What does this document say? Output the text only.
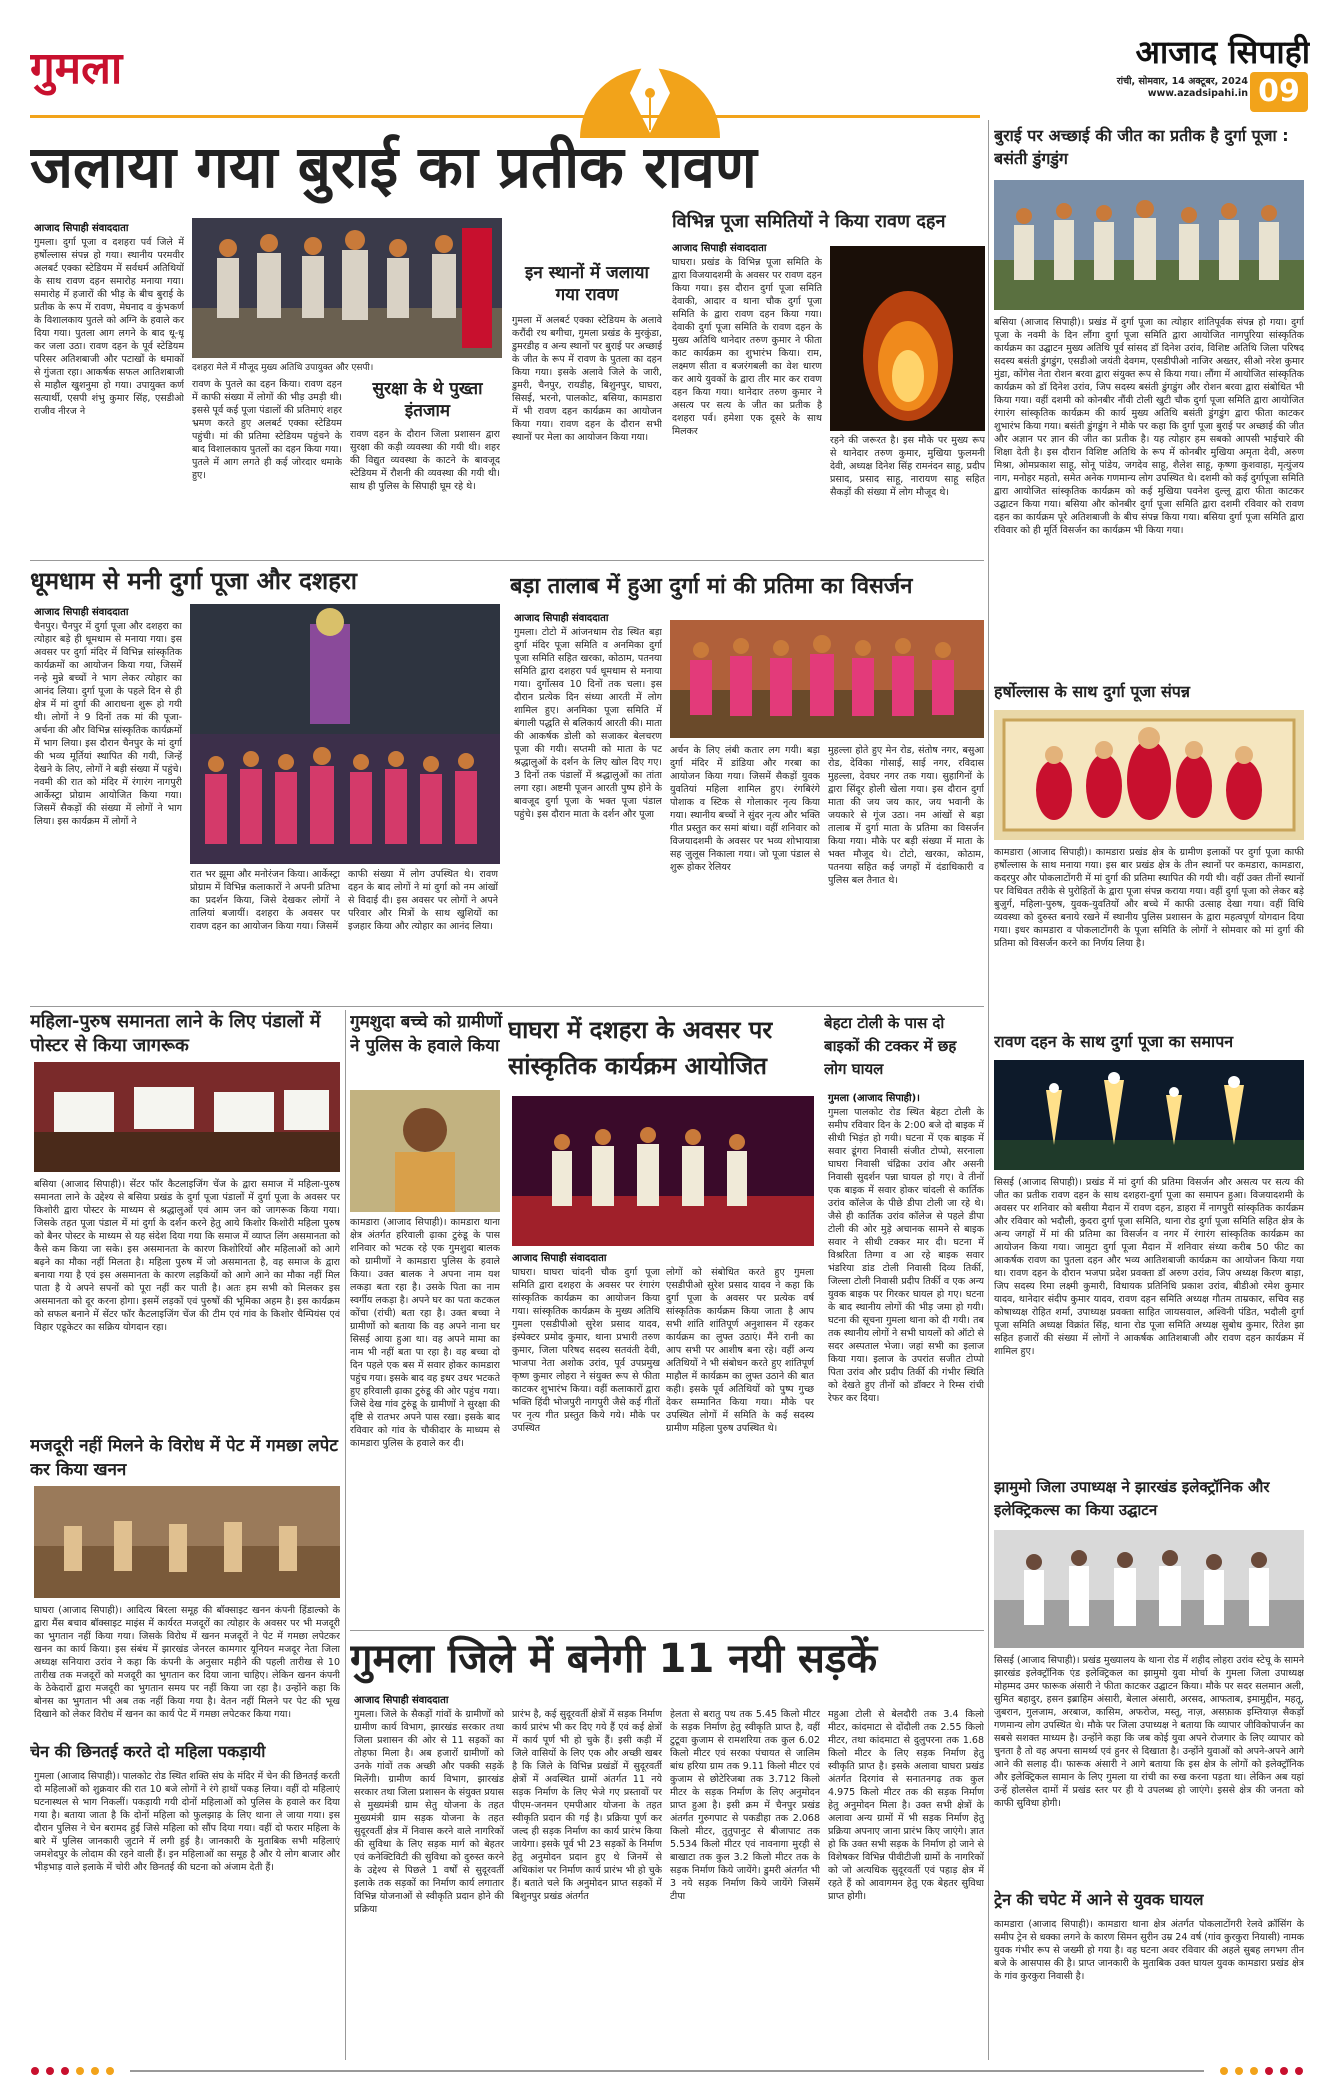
गुमला	आजाद सिपाही
रांची, सोमवार, 14 अक्टूबर, 2024
www.azadsipahi.in 09
जलाया गया बुराई का प्रतीक रावण
आजाद सिपाही संवाददाता
गुमला। दुर्गा पूजा व दशहरा पर्व जिले में हर्षोल्लास संपन्न हो गया। स्थानीय परमवीर अलबर्ट एक्का स्टेडियम में सर्वधर्म अतिथियों के साथ रावण दहन समारोह मनाया गया। समारोह में हजारों की भीड़ के बीच बुराई के प्रतीक के रूप में रावण, मेघनाद व कुंभकर्ण के विशालकाय पुतले को अग्नि के हवाले कर दिया गया। पुतला आग लगने के बाद धू-धू कर जला उठा। रावण दहन के पूर्व स्टेडियम परिसर अतिशबाजी और पटाखों के धमाकों से गुंजता रहा। आकर्षक सफल आतिशबाजी से माहौल खुशनुमा हो गया। उपायुक्त कर्ण सत्यार्थी, एसपी शंभु कुमार सिंह, एसडीओ राजीव नीरज ने
दशहरा मेले में मौजूद मुख्य अतिथि उपायुक्त और एसपी।
रावण के पुतले का दहन किया। रावण दहन में काफी संख्या में लोगों की भीड़ उमड़ी थी। इससे पूर्व कई पूजा पंडालों की प्रतिमाएं शहर भ्रमण करते हुए अलबर्ट एक्का स्टेडियम पहुंची। मां की प्रतिमा स्टेडियम पहुंचने के बाद विशालकाय पुतलों का दहन किया गया। पुतले में आग लगते ही कई जोरदार धमाके हुए।
सुरक्षा के थे पुख्ता इंतजाम
रावण दहन के दौरान जिला प्रशासन द्वारा सुरक्षा की कड़ी व्यवस्था की गयी थी। शहर की विद्युत व्यवस्था के काटने के बावजूद स्टेडियम में रौशनी की व्यवस्था की गयी थी। साथ ही पुलिस के सिपाही घूम रहे थे।
इन स्थानों में जलाया गया रावण
गुमला में अलबर्ट एक्का स्टेडियम के अलावे करौंदी रथ बगीचा, गुमला प्रखंड के मुरकुंडा, डुमरडीह व अन्य स्थानों पर बुराई पर अच्छाई के जीत के रूप में रावण के पुतला का दहन किया गया। इसके अलावे जिले के जारी, डुमरी, चैनपुर, रायडीह, बिशुनपुर, घाघरा, सिसई, भरनो, पालकोट, बसिया, कामडारा में भी रावण दहन कार्यक्रम का आयोजन किया गया। रावण दहन के दौरान सभी स्थानों पर मेला का आयोजन किया गया।
विभिन्न पूजा समितियों ने किया रावण दहन
आजाद सिपाही संवाददाता
घाघरा। प्रखंड के विभिन्न पूजा समिति के द्वारा विजयादशमी के अवसर पर रावण दहन किया गया। इस दौरान दुर्गा पूजा समिति देवाकी, आदार व थाना चौक दुर्गा पूजा समिति के द्वारा रावण दहन किया गया। देवाकी दुर्गा पूजा समिति के रावण दहन के मुख्य अतिथि थानेदार तरुण कुमार ने फीता काट कार्यक्रम का शुभारंभ किया। राम, लक्ष्मण सीता व बजरंगबली का वेश धारण कर आये युवकों के द्वारा तीर मार कर रावण दहन किया गया। थानेदार तरुण कुमार ने असत्य पर सत्य के जीत का प्रतीक है दशहरा पर्व। हमेशा एक दूसरे के साथ मिलकर
रहने की जरूरत है। इस मौके पर मुख्य रूप से थानेदार तरुण कुमार, मुखिया फुलमनी देवी, अध्यक्ष दिनेश सिंह रामनंदन साहू, प्रदीप प्रसाद, प्रसाद साहू, नारायण साहू सहित सैकड़ों की संख्या में लोग मौजूद थे।
बुराई पर अच्छाई की जीत का प्रतीक है दुर्गा पूजा : बसंती डुंगडुंग
बसिया (आजाद सिपाही)। प्रखंड में दुर्गा पूजा का त्योहार शांतिपूर्वक संपन्न हो गया। दुर्गा पूजा के नवमी के दिन लौंगा दुर्गा पूजा समिति द्वारा आयोजित नागपुरिया सांस्कृतिक कार्यक्रम का उद्घाटन मुख्य अतिथि पूर्व सांसद डॉ दिनेश उरांव, विशिष्ट अतिथि जिला परिषद सदस्य बसंती डुंगडुंग, एसडीओ जयंती देवगम, एसडीपीओ नाजिर अख्तर, सीओ नरेश कुमार मुंडा, कोंगेस नेता रोशन बरवा द्वारा संयुक्त रूप से किया गया। लौंगा में आयोजित सांस्कृतिक कार्यक्रम को डॉ दिनेश उरांव, जिप सदस्य बसंती डुंगडुंग और रोशन बरवा द्वारा संबोधित भी किया गया। वहीं दशमी को कोनबीर नौंवी टोली खुटी चौक दुर्गा पूजा समिति द्वारा आयोजित रंगारंग सांस्कृतिक कार्यक्रम की कार्य मुख्य अतिथि बसंती डुंगडुंग द्वारा फीता काटकर शुभारंभ किया गया। बसंती डुंगडुंग ने मौके पर कहा कि दुर्गा पूजा बुराई पर अच्छाई की जीत और अज्ञान पर ज्ञान की जीत का प्रतीक है। यह त्योहार हम सबको आपसी भाईचारे की शिक्षा देती है। इस दौरान विशिष्ट अतिथि के रूप में कोनबीर मुखिया अमृता देवी, अरुण मिश्रा, ओमप्रकाश साहू, सोनू पांडेय, जगदेव साहू, शैलेश साहू, कृष्णा कुशवाहा, मृत्युंजय नाग, मनोहर महतो, समेत अनेक गणमान्य लोग उपस्थित थे। दशमी को कई दुर्गापूजा समिति द्वारा आयोजित सांस्कृतिक कार्यक्रम को कई मुखिया पवनेश दुल्लू द्वारा फीता काटकर उद्घाटन किया गया। बसिया और कोनबीर दुर्गा पूजा समिति द्वारा दशमी रविवार को रावण दहन का कार्यक्रम पूरे अतिशबाजी के बीच संपन्न किया गया। बसिया दुर्गा पूजा समिति द्वारा रविवार को ही मूर्ति विसर्जन का कार्यक्रम भी किया गया।
हर्षोल्लास के साथ दुर्गा पूजा संपन्न
कामडारा (आजाद सिपाही)। कामडारा प्रखंड क्षेत्र के ग्रामीण इलाकों पर दुर्गा पूजा काफी हर्षोल्लास के साथ मनाया गया। इस बार प्रखंड क्षेत्र के तीन स्थानों पर कमडारा, कामडारा, कदरपुर और पोकलाटोंगरी में मां दुर्गा की प्रतिमा स्थापित की गयी थी। वहीं उक्त तीनों स्थानों पर विधिवत तरीके से पुरोहितों के द्वारा पूजा संपन्न कराया गया। वहीं दुर्गा पूजा को लेकर बड़े बुजुर्ग, महिला-पुरुष, युवक-युवतियों और बच्चे में काफी उत्साह देखा गया। वहीं विधि व्यवस्था को दुरुस्त बनाये रखने में स्थानीय पुलिस प्रशासन के द्वारा महत्वपूर्ण योगदान दिया गया। इधर कामडारा व पोकलाटोंगरी के पूजा समिति के लोगों ने सोमवार को मां दुर्गा की प्रतिमा को विसर्जन करने का निर्णय लिया है।
धूमधाम से मनी दुर्गा पूजा और दशहरा
आजाद सिपाही संवाददाता
चैनपुर। चैनपुर में दुर्गा पूजा और दशहरा का त्योहार बड़े ही धूमधाम से मनाया गया। इस अवसर पर दुर्गा मंदिर में विभिन्न सांस्कृतिक कार्यक्रमों का आयोजन किया गया, जिसमें नन्हे मुन्ने बच्चों ने भाग लेकर त्योहार का आनंद लिया। दुर्गा पूजा के पहले दिन से ही क्षेत्र में मां दुर्गा की आराधना शुरू हो गयी थी। लोगों ने 9 दिनों तक मां की पूजा-अर्चना की और विभिन्न सांस्कृतिक कार्यक्रमों में भाग लिया। इस दौरान चैनपुर के मां दुर्गा की भव्य मूर्तियां स्थापित की गयी, जिन्हें देखने के लिए, लोगों ने बड़ी संख्या में पहुंचे। नवमी की रात को मंदिर में रंगारंग नागपुरी आर्केस्ट्रा प्रोग्राम आयोजित किया गया। जिसमें सैकड़ों की संख्या में लोगों ने भाग लिया। इस कार्यक्रम में लोगों ने
रात भर झूमा और मनोरंजन किया। आर्केस्ट्रा प्रोग्राम में विभिन्न कलाकारों ने अपनी प्रतिभा का प्रदर्शन किया, जिसे देखकर लोगों ने तालियां बजायीं। दशहरा के अवसर पर रावण दहन का आयोजन किया गया। जिसमें
काफी संख्या में लोग उपस्थित थे। रावण दहन के बाद लोगों ने मां दुर्गा को नम आंखों से विदाई दी। इस अवसर पर लोगों ने अपने परिवार और मित्रों के साथ खुशियों का इजहार किया और त्योहार का आनंद लिया।
बड़ा तालाब में हुआ दुर्गा मां की प्रतिमा का विसर्जन
आजाद सिपाही संवाददाता
गुमला। टोटो में आंजनधाम रोड स्थित बड़ा दुर्गा मंदिर पूजा समिति व अनमिका दुर्गा पूजा समिति सहित खरका, कोठाम, पतनया समिति द्वारा दशहरा पर्व धूमधाम से मनाया गया। दुर्गोत्सव 10 दिनों तक चला। इस दौरान प्रत्येक दिन संध्या आरती में लोग शामिल हुए। अनमिका पूजा समिति में बंगाली पद्धति से बलिकार्य आरती की। माता की आकर्षक डोली को सजाकर बेलचरण पूजा की गयी। सप्तमी को माता के पट श्रद्धालुओं के दर्शन के लिए खोल दिए गए। 3 दिनों तक पंडालों में श्रद्धालुओं का तांता लगा रहा। अष्टमी पूजन आरती पुष्प होने के बावजूद दुर्गा पूजा के भक्त पूजा पंडाल पहुंचे। इस दौरान माता के दर्शन और पूजा
अर्चन के लिए लंबी कतार लग गयी। बड़ा दुर्गा मंदिर में डांडिया और गरबा का आयोजन किया गया। जिसमें सैकड़ों युवक युवतियां महिला शामिल हुए। रंगबिरंगे पोशाक व स्टिक से गोलाकार नृत्य किया गया। स्थानीय बच्चों ने सुंदर नृत्य और भक्ति गीत प्रस्तुत कर समां बांधा। वहीं शनिवार को विजयादशमी के अवसर पर भव्य शोभायात्रा सह जुलूस निकाला गया। जो पूजा पंडाल से शुरू होकर रेलियर
मुहल्ला होते हुए मेन रोड, संतोष नगर, बसुआ रोड, देविका गोसाई, साई नगर, रविदास मुहल्ला, देवघर नगर तक गया। सुहागिनों के द्वारा सिंदूर होली खेला गया। इस दौरान दुर्गा माता की जय जय कार, जय भवानी के जयकारे से गूंज उठा। नम आंखों से बड़ा तालाब में दुर्गा माता के प्रतिमा का विसर्जन किया गया। मौके पर बड़ी संख्या में माता के भक्त मौजूद थे। टोटो, खरका, कोठाम, पतनया सहित कई जगहों में दंडाधिकारी व पुलिस बल तैनात थे।
रावण दहन के साथ दुर्गा पूजा का समापन
सिसई (आजाद सिपाही)। प्रखंड में मां दुर्गा की प्रतिमा विसर्जन और असत्य पर सत्य की जीत का प्रतीक रावण दहन के साथ दशहरा-दुर्गा पूजा का समापन हुआ। विजयादशमी के अवसर पर शनिवार को बसीया मैदान में रावण दहन, डाहरा में नागपुरी सांस्कृतिक कार्यक्रम और रविवार को भदौली, कुदरा दुर्गा पूजा समिति, थाना रोड दुर्गा पूजा समिति सहित क्षेत्र के अन्य जगहों में मां की प्रतिमा का विसर्जन व नगर में रंगारंग सांस्कृतिक कार्यक्रम का आयोजन किया गया। जामुटा दुर्गा पूजा मैदान में शनिवार संध्या करीब 50 फीट का आकर्षक रावण का पुतला दहन और भव्य आतिशबाजी कार्यक्रम का आयोजन किया गया था। रावण दहन के दौरान भजपा प्रदेश प्रवक्ता डॉ अरुण उरांव, जिप अध्यक्ष किरण बाड़ा, जिप सदस्य रिमा लक्ष्मी कुमारी, विधायक प्रतिनिधि प्रकाश उरांव, बीडीओ रमेश कुमार यादव, थानेदार संदीप कुमार यादव, रावण दहन समिति अध्यक्ष गौतम ताम्रकार, सचिव सह कोषाध्यक्ष रोहित शर्मा, उपाध्यक्ष प्रवक्ता साहित जायसवाल, अश्विनी पंडित, भदौली दुर्गा पूजा समिति अध्यक्ष विक्रांत सिंह, थाना रोड पूजा समिति अध्यक्ष सुबोध कुमार, रितेश झा सहित हजारों की संख्या में लोगों ने आकर्षक आतिशबाजी और रावण दहन कार्यक्रम में शामिल हुए।
महिला-पुरुष समानता लाने के लिए पंडालों में पोस्टर से किया जागरूक
बसिया (आजाद सिपाही)। सेंटर फॉर कैटलाइजिंग चेंज के द्वारा समाज में महिला-पुरुष समानता लाने के उद्देश्य से बसिया प्रखंड के दुर्गा पूजा पंडालों में दुर्गा पूजा के अवसर पर किशोरी द्वारा पोस्टर के माध्यम से श्रद्धालुओं एवं आम जन को जागरूक किया गया। जिसके तहत पूजा पंडाल में मां दुर्गा के दर्शन करने हेतु आये किशोर किशोरी महिला पुरुष को बैनर पोस्टर के माध्यम से यह संदेश दिया गया कि समाज में व्याप्त लिंग असमानता को कैसे कम किया जा सके। इस असमानता के कारण किशोरियों और महिलाओं को आगे बढ़ने का मौका नहीं मिलता है। महिला पुरुष में जो असमानता है, वह समाज के द्वारा बनाया गया है एवं इस असमानता के कारण लड़कियों को आगे आने का मौका नहीं मिल पाता है ये अपने सपनों को पूरा नहीं कर पाती है। अतः हम सभी को मिलकर इस असमानता को दूर करना होगा। इसमें लड़कों एवं पुरुषों की भूमिका अहम है। इस कार्यक्रम को सफल बनाने में सेंटर फॉर कैटलाइजिंग चेंज की टीम एवं गांव के किशोर चैम्पियंस एवं विहार एडूकेटर का सक्रिय योगदान रहा।
गुमशुदा बच्चे को ग्रामीणों ने पुलिस के हवाले किया
कामडारा (आजाद सिपाही)। कामडारा थाना क्षेत्र अंतर्गत हरिवाली ढ़ाका टुरुंडू के पास शनिवार को भटक रहे एक गुमशुदा बालक को ग्रामीणों ने कामडारा पुलिस के हवाले किया। उक्त बालक ने अपना नाम यश लकड़ा बता रहा है। उसके पिता का नाम स्वर्गीय लकड़ा है। अपने घर का पता कटकल कोंचा (रांची) बता रहा है। उक्त बच्चा ने ग्रामीणों को बताया कि वह अपने नाना घर सिसई आया हुआ था। वह अपने मामा का नाम भी नहीं बता पा रहा है। वह बच्चा दो दिन पहले एक बस में सवार होकर कामडारा पहुंच गया। इसके बाद वह इधर उधर भटकते हुए हरिवाली ढ़ाका टुरुंडू की ओर पहुंच गया। जिसे देख गांव टुरुंडू के ग्रामीणों ने सुरक्षा की दृष्टि से रातभर अपने पास रखा। इसके बाद रविवार को गांव के चौकीदार के माध्यम से कामडारा पुलिस के हवाले कर दी।
घाघरा में दशहरा के अवसर पर सांस्कृतिक कार्यक्रम आयोजित
आजाद सिपाही संवाददाता
घाघरा। घाघरा चांदनी चौक दुर्गा पूजा समिति द्वारा दशहरा के अवसर पर रंगारंग सांस्कृतिक कार्यक्रम का आयोजन किया गया। सांस्कृतिक कार्यक्रम के मुख्य अतिथि गुमला एसडीपीओ सुरेश प्रसाद यादव, इंस्पेक्टर प्रमोद कुमार, थाना प्रभारी तरुण कुमार, जिला परिषद सदस्य सतवंती देवी, भाजपा नेता अशोक उरांव, पूर्व उपप्रमुख कृष्ण कुमार लोहरा ने संयुक्त रूप से फीता काटकर शुभारंभ किया। वहीं कलाकारों द्वारा भक्ति हिंदी भोजपुरी नागपुरी जैसे कई गीतों पर नृत्य गीत प्रस्तुत किये गये। मौके पर उपस्थित
लोगों को संबोधित करते हुए गुमला एसडीपीओ सुरेश प्रसाद यादव ने कहा कि दुर्गा पूजा के अवसर पर प्रत्येक वर्ष सांस्कृतिक कार्यक्रम किया जाता है आप सभी शांति शांतिपूर्ण अनुशासन में रहकर कार्यक्रम का लुफ्त उठाएं। मैंने रानी का आप सभी पर आशीष बना रहे। वहीं अन्य अतिथियों ने भी संबोधन करते हुए शांतिपूर्ण माहौल में कार्यक्रम का लुफ्त उठाने की बात कही। इसके पूर्व अतिथियों को पुष्प गुच्छ देकर सम्मानित किया गया। मौके पर उपस्थित लोगों में समिति के कई सदस्य ग्रामीण महिला पुरुष उपस्थित थे।
बेहटा टोली के पास दो बाइकों की टक्कर में छह लोग घायल
गुमला (आजाद सिपाही)।
गुमला पालकोट रोड स्थित बेहटा टोली के समीप रविवार दिन के 2:00 बजे दो बाइक में सीधी भिड़ंत हो गयी। घटना में एक बाइक में सवार डूंगरा निवासी संजीत टोप्पो, सरनाला घाघरा निवासी चंद्रिका उरांव और असनी निवासी सुदर्शन पन्ना घायल हो गए। वे तीनों एक बाइक में सवार होकर चांदली से कार्तिक उरांव कॉलेज के पीछे डीपा टोली जा रहे थे। जैसे ही कार्तिक उरांव कॉलेज से पहले डीपा टोली की ओर मुड़े अचानक सामने से बाइक सवार ने सीधी टक्कर मार दी। घटना में विश्ररिता तिग्गा व आ रहे बाइक सवार भंडरिया डांड टोली निवासी दिव्य तिर्की, जिल्ला टोली निवासी प्रदीप तिर्की व एक अन्य युवक बाइक पर गिरकर घायल हो गए। घटना के बाद स्थानीय लोगों की भीड़ जमा हो गयी। घटना की सूचना गुमला थाना को दी गयी। तब तक स्थानीय लोगों ने सभी घायलों को ऑटो से सदर अस्पताल भेजा। जहां सभी का इलाज किया गया। इलाज के उपरांत सजीत टोप्पो पिता उरांव और प्रदीप तिर्की की गंभीर स्थिति को देखते हुए तीनों को डॉक्टर ने रिम्स रांची रेफर कर दिया।
मजदूरी नहीं मिलने के विरोध में पेट में गमछा लपेट कर किया खनन
घाघरा (आजाद सिपाही)। आदित्य बिरला समूह की बॉक्साइट खनन कंपनी हिंडाल्को के द्वारा मैंस बचाव बॉक्साइट माइंस में कार्यरत मजदूरों का त्योहार के अवसर पर भी मजदूरी का भुगतान नहीं किया गया। जिसके विरोध में खनन मजदूरों ने पेट में गमछा लपेटकर खनन का कार्य किया। इस संबंध में झारखंड जेनरल कामगार यूनियन मजदूर नेता जिला अध्यक्ष सनियारा उरांव ने कहा कि कंपनी के अनुसार महीने की पहली तारीख से 10 तारीख तक मजदूरों को मजदूरी का भुगतान कर दिया जाना चाहिए। लेकिन खनन कंपनी के ठेकेदारों द्वारा मजदूरी का भुगतान समय पर नहीं किया जा रहा है। उन्होंने कहा कि बोनस का भुगतान भी अब तक नहीं किया गया है। वेतन नहीं मिलने पर पेट की भूख दिखाने को लेकर विरोध में खनन का कार्य पेट में गमछा लपेटकर किया गया।
झामुमो जिला उपाध्यक्ष ने झारखंड इलेक्ट्रॉनिक और इलेक्ट्रिकल्स का किया उद्घाटन
सिसई (आजाद सिपाही)। प्रखंड मुख्यालय के थाना रोड में शहीद लोहरा उरांव स्टेचू के सामने झारखंड इलेक्ट्रॉनिक एंड इलेक्ट्रिकल का झामुमो युवा मोर्चा के गुमला जिला उपाध्यक्ष मोहम्मद उमर फारूक अंसारी ने फीता काटकर उद्घाटन किया। मौके पर सदर सलमान अली, सुमित बहादुर, हसन इब्राहिम अंसारी, बेलाल अंसारी, अरसद, आफताब, इमामुद्दीन, महतू, जुबरान, गुलजाम, अरबाज, कासिम, अफरोज, मस्तू, नाज़, असफ़ाक इम्तियाज़ सैकड़ों गणमान्य लोग उपस्थित थे। मौके पर जिला उपाध्यक्ष ने बताया कि व्यापार जीविकोपार्जन का सबसे सशक्त माध्यम है। उन्होंने कहा कि जब कोई युवा अपने रोजगार के लिए व्यापार को चुनता है तो वह अपना सामर्थ्य एवं हुनर से दिखाता है। उन्होंने युवाओं को अपने-अपने आगे आने की सलाह दी। फारूक अंसारी ने आगे बताया कि इस क्षेत्र के लोगों को इलेक्ट्रॉनिक और इलेक्ट्रिकल सामान के लिए गुमला या रांची का रुख करना पड़ता था। लेकिन अब यहां उन्हें होलसेल दामों में प्रखंड स्तर पर ही ये उपलब्ध हो जाएंगे। इससे क्षेत्र की जनता को काफी सुविधा होगी।
चेन की छिनतई करते दो महिला पकड़ायी
गुमला (आजाद सिपाही)। पालकोट रोड स्थित शक्ति संघ के मंदिर में चेन की छिनतई करती दो महिलाओं को शुक्रवार की रात 10 बजे लोगों ने रंगे हाथों पकड़ लिया। वहीं दो महिलाएं घटनास्थल से भाग निकलीं। पकड़ायी गयी दोनों महिलाओं को पुलिस के हवाले कर दिया गया है। बताया जाता है कि दोनों महिला को फुलझाड़ के लिए थाना ले जाया गया। इस दौरान पुलिस ने चेन बरामद हुई जिसे महिला को सौंप दिया गया। वहीं दो फरार महिला के बारे में पुलिस जानकारी जुटाने में लगी हुई है। जानकारी के मुताबिक सभी महिलाएं जमशेदपुर के लोदाम की रहने वाली हैं। इन महिलाओं का समूह है और ये लोग बाजार और भीड़भाड़ वाले इलाके में चोरी और छिनतई की घटना को अंजाम देती हैं।
गुमला जिले में बनेगी 11 नयी सड़कें
आजाद सिपाही संवाददाता
गुमला। जिले के सैकड़ों गांवों के ग्रामीणों को ग्रामीण कार्य विभाग, झारखंड सरकार तथा जिला प्रशासन की ओर से 11 सड़कों का तोहफा मिला है। अब हजारों ग्रामीणों को उनके गांवों तक अच्छी और पक्की सड़कें मिलेंगी। ग्रामीण कार्य विभाग, झारखंड सरकार तथा जिला प्रशासन के संयुक्त प्रयास से मुख्यमंत्री ग्राम सेतु योजना के तहत मुख्यमंत्री ग्राम सड़क योजना के तहत सुदूरवर्ती क्षेत्र में निवास करने वाले नागरिकों की सुविधा के लिए सड़क मार्ग को बेहतर एवं कनेक्टिविटी की सुविधा को दुरुस्त करने के उद्देश्य से पिछले 1 वर्षों से सुदूरवर्ती इलाके तक सड़कों का निर्माण कार्य लगातार विभिन्न योजनाओं से स्वीकृति प्रदान होने की प्रक्रिया
प्रारंभ है, कई सुदूरवर्ती क्षेत्रों में सड़क निर्माण कार्य प्रारंभ भी कर दिए गये हैं एवं कई क्षेत्रों में कार्य पूर्ण भी हो चुके हैं। इसी कड़ी में जिले वासियों के लिए एक और अच्छी खबर है कि जिले के विभिन्न प्रखंडों में सुदूरवर्ती क्षेत्रों में अवस्थित ग्रामों अंतर्गत 11 नये सड़क निर्माण के लिए भेजे गए प्रस्तावों पर पीएम-जनमन एमपीआर योजना के तहत स्वीकृति प्रदान की गई है। प्रक्रिया पूर्ण कर जल्द ही सड़क निर्माण का कार्य प्रारंभ किया जायेगा। इसके पूर्व भी 23 सड़कों के निर्माण हेतु अनुमोदन प्रदान हुए थे जिनमें से अधिकांश पर निर्माण कार्य प्रारंभ भी हो चुके हैं। बताते चले कि अनुमोदन प्राप्त सड़कों में बिशुनपुर प्रखंड अंतर्गत
हेलता से बरातु पथ तक 5.45 किलो मीटर के सड़क निर्माण हेतु स्वीकृति प्राप्त है, वहीं टुटूवा कुजाम से रामशरिया तक कुल 6.02 किलो मीटर एवं सरका पंचायत से जालिम बांध हरिया ग्राम तक 9.11 किलो मीटर एवं कुजाम से छोटेरिजबा तक 3.712 किलो मीटर के सड़क निर्माण के लिए अनुमोदन प्राप्त हुआ है। इसी क्रम में चैनपुर प्रखंड अंतर्गत गुरुगपाट से पकडीहा तक 2.068 किलो मीटर, तुतुपानुट से बीजापाट तक 5.534 किलो मीटर एवं नावनागा मुरही से बाखाटा तक कुल 3.2 किलो मीटर तक के सड़क निर्माण किये जायेंगे। डुमरी अंतर्गत भी 3 नये सड़क निर्माण किये जायेंगे जिसमें टीपा
महुआ टोली से बेलदौरी तक 3.4 किलो मीटर, कांदमाटा से दोंदौली तक 2.55 किलो मीटर, तथा कांदमाटा से दुलुपरना तक 1.68 किलो मीटर के लिए सड़क निर्माण हेतु स्वीकृति प्राप्त है। इसके अलावा घाघरा प्रखंड अंतर्गत दिरगांव से सनातनगढ़ तक कुल 4.975 किलो मीटर तक की सड़क निर्माण हेतु अनुमोदन मिला है। उक्त सभी क्षेत्रों के अलावा अन्य ग्रामों में भी सड़क निर्माण हेतु प्रक्रिया अपनाए जाना प्रारंभ किए जाएंगे। ज्ञात हो कि उक्त सभी सड़क के निर्माण हो जाने से विशेषकर विभिन्न पीवीटीजी ग्रामों के नागरिकों को जो अत्यधिक सुदूरवर्ती एवं पहाड़ क्षेत्र में रहते हैं को आवागमन हेतु एक बेहतर सुविधा प्राप्त होगी।	ट्रेन की चपेट में आने से युवक घायल
कामडारा (आजाद सिपाही)। कामडारा थाना क्षेत्र अंतर्गत पोकलाटोंगरी रेलवे क्रॉसिंग के समीप ट्रेन से धक्का लगने के कारण सिमन सुरीन उम्र 24 वर्ष (गांव कुरकुरा नियासी) नामक युवक गंभीर रूप से जख्मी हो गया है। वह घटना अवर रविवार की अहले सुबह लगभग तीन बजे के आसपास की है। प्राप्त जानकारी के मुताबिक उक्त घायल युवक कामडारा प्रखंड क्षेत्र के गांव कुरकुरा निवासी है।
